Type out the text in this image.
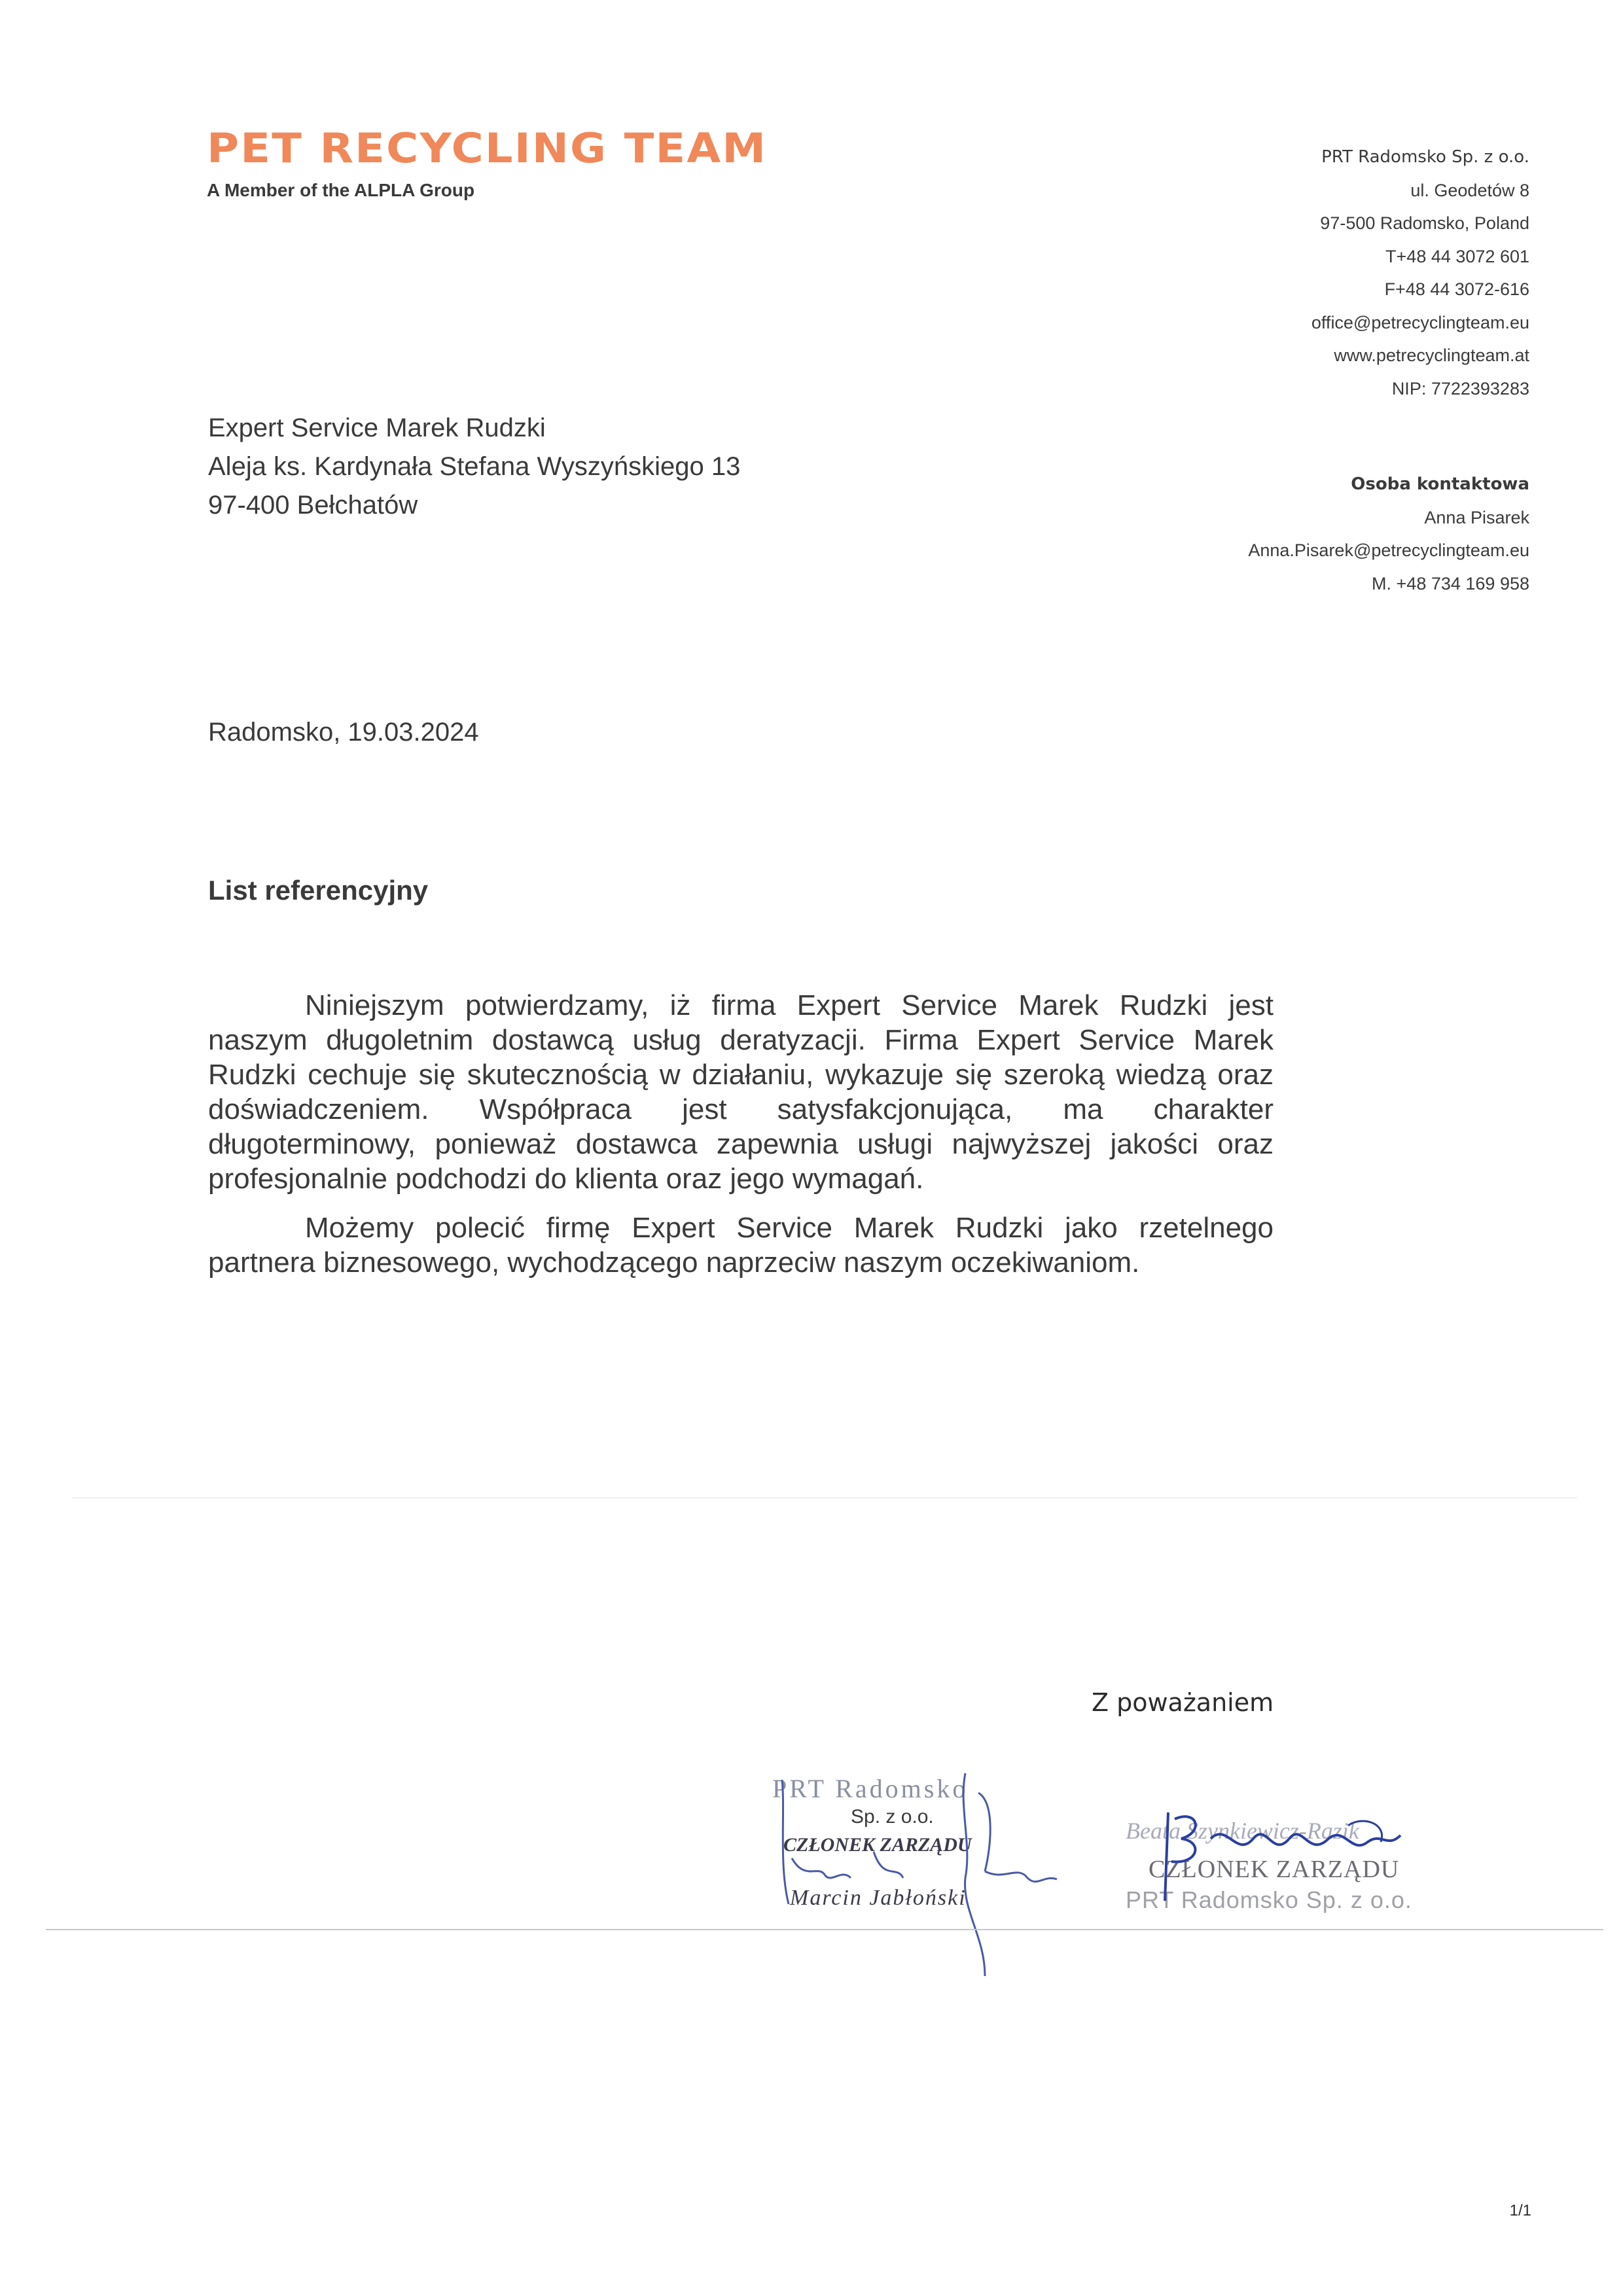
PET RECYCLING TEAM
A Member of the ALPLA Group
PRT Radomsko Sp. z o.o.
ul. Geodetów 8
97-500 Radomsko, Poland
T+48 44 3072 601
F+48 44 3072-616
office@petrecyclingteam.eu
www.petrecyclingteam.at
NIP: 7722393283
Osoba kontaktowa
Anna Pisarek
Anna.Pisarek@petrecyclingteam.eu
M. +48 734 169 958
Expert Service Marek Rudzki
Aleja ks. Kardynała Stefana Wyszyńskiego 13
97-400 Bełchatów
Radomsko, 19.03.2024
List referencyjny

Niniejszym potwierdzamy, iż firma Expert Service Marek Rudzki jest naszym długoletnim dostawcą usług deratyzacji. Firma Expert Service Marek Rudzki cechuje się skutecznością w działaniu, wykazuje się szeroką wiedzą oraz doświadczeniem. Współpraca jest satysfakcjonująca, ma charakter długoterminowy, ponieważ dostawca zapewnia usługi najwyższej jakości oraz profesjonalnie podchodzi do klienta oraz jego wymagań.

Możemy polecić firmę Expert Service Marek Rudzki jako rzetelnego partnera biznesowego, wychodzącego naprzeciw naszym oczekiwaniom.

Z poważaniem
PRT Radomsko
Sp. z o.o.
CZŁONEK ZARZĄDU
Marcin Jabłoński
Beata Szynkiewicz-Razik
CZŁONEK ZARZĄDU
PRT Radomsko Sp. z o.o.
1/1
